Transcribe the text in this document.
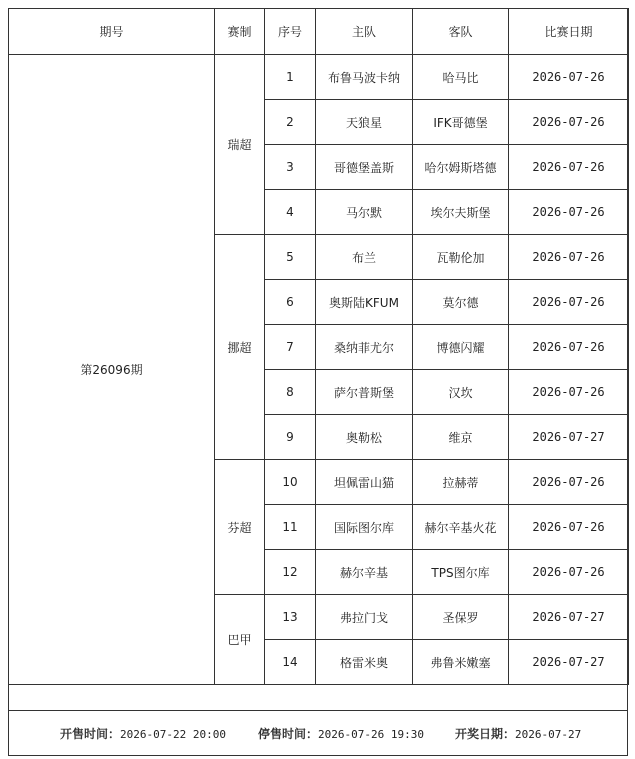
期号	赛制	序号	主队	客队	比赛日期
第26096期	瑞超	1	布鲁马波卡纳	哈马比	2026-07-26
		2	天狼星	IFK哥德堡	2026-07-26
		3	哥德堡盖斯	哈尔姆斯塔德	2026-07-26
		4	马尔默	埃尔夫斯堡	2026-07-26
	挪超	5	布兰	瓦勒伦加	2026-07-26
		6	奥斯陆KFUM	莫尔德	2026-07-26
		7	桑纳菲尤尔	博德闪耀	2026-07-26
		8	萨尔普斯堡	汉坎	2026-07-26
		9	奥勒松	维京	2026-07-27
	芬超	10	坦佩雷山猫	拉赫蒂	2026-07-26
		11	国际图尔库	赫尔辛基火花	2026-07-26
		12	赫尔辛基	TPS图尔库	2026-07-26
	巴甲	13	弗拉门戈	圣保罗	2026-07-27
		14	格雷米奥	弗鲁米嫩塞	2026-07-27
开售时间：2026-07-22 20:00	停售时间：2026-07-26 19:30	开奖日期：2026-07-27
